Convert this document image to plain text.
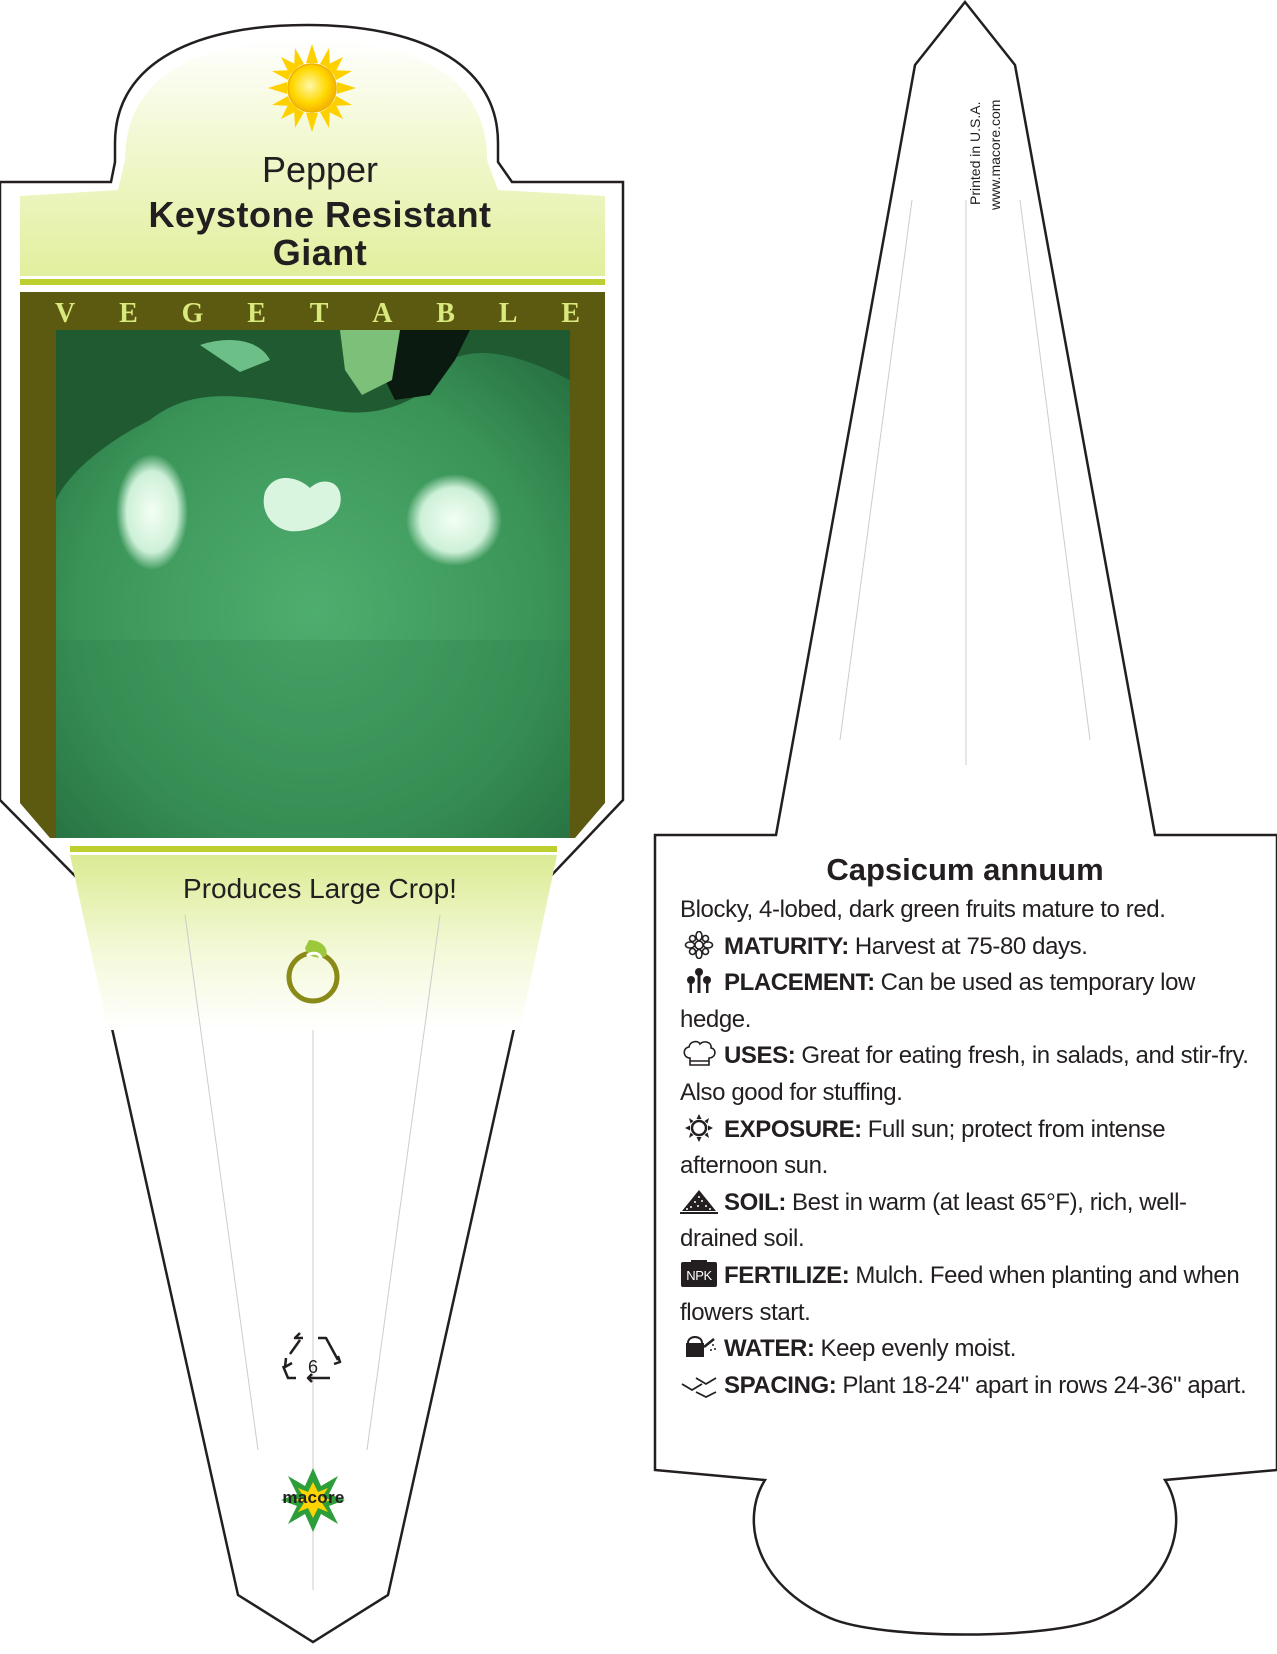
Pepper

Keystone Resistant

Giant

V E G E T A B L E

Produces Large Crop!

6

macore

Printed in U.S.A. www.macore.com

Capsicum annuum

Blocky, 4-lobed, dark green fruits mature to red.

MATURITY: Harvest at 75-80 days.

PLACEMENT: Can be used as temporary low hedge.

USES: Great for eating fresh, in salads, and stir-fry. Also good for stuffing.

EXPOSURE: Full sun; protect from intense afternoon sun.

SOIL: Best in warm (at least 65°F), rich, well-drained soil.

NPK FERTILIZE: Mulch. Feed when planting and when flowers start.

WATER: Keep evenly moist.

SPACING: Plant 18-24" apart in rows 24-36" apart.
